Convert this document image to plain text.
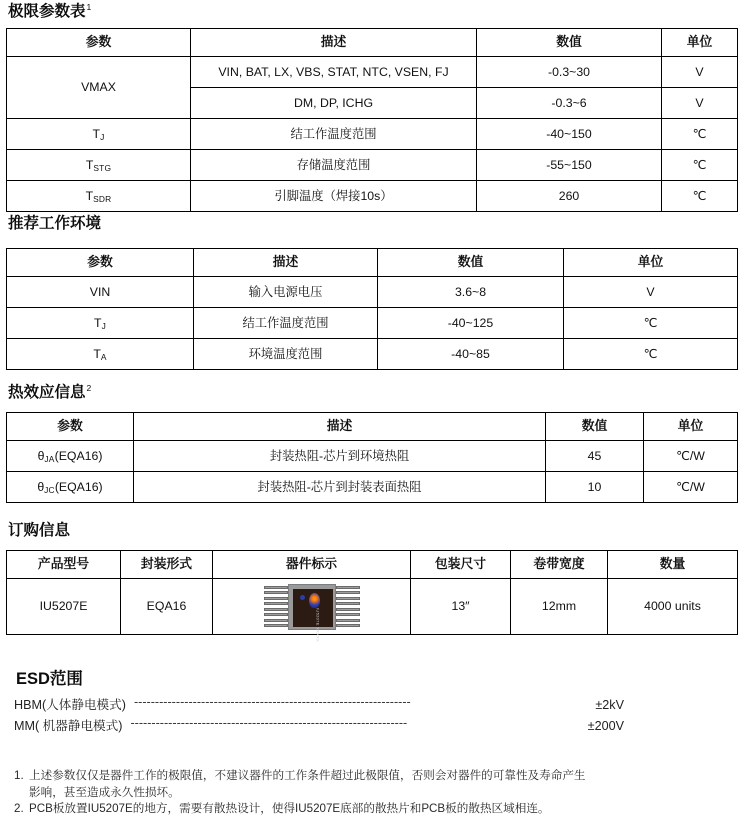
极限参数表$^1$
参数	描述	数值	单位
VMAX	VIN, BAT, LX, VBS, STAT, NTC, VSEN, FJ	-0.3~30	V
	DM, DP, ICHG	-0.3~6	V
$T_J$	结工作温度范围	-40~150	℃
$T_{STG}$	存储温度范围	-55~150	℃
$T_{SDR}$	引脚温度（焊接10s）	260	℃
推荐工作环境
参数	描述	数值	单位
VIN	输入电源电压	3.6~8	V
$T_J$	结工作温度范围	-40~125	℃
$T_A$	环境温度范围	-40~85	℃
热效应信息$^2$
参数	描述	数值	单位
$\theta_{JA}(EQA16)$	封装热阻-芯片到环境热阻	45	℃/W
$\theta_{JC}(EQA16)$	封装热阻-芯片到封装表面热阻	10	℃/W
订购信息
产品型号	封装形式	器件标示	包装尺寸	卷带宽度	数量
IU5207E	EQA16	IU5207E XXXXX	13″	12mm	4000 units
ESD范围
HBM(人体静电模式) ------------------------------------------------------------------	±2kV
MM( 机器静电模式) ------------------------------------------------------------------	±200V
1. 上述参数仅仅是器件工作的极限值，不建议器件的工作条件超过此极限值，否则会对器件的可靠性及寿命产生
影响，甚至造成永久性损坏。
2. PCB板放置IU5207E的地方，需要有散热设计，使得IU5207E底部的散热片和PCB板的散热区域相连。
